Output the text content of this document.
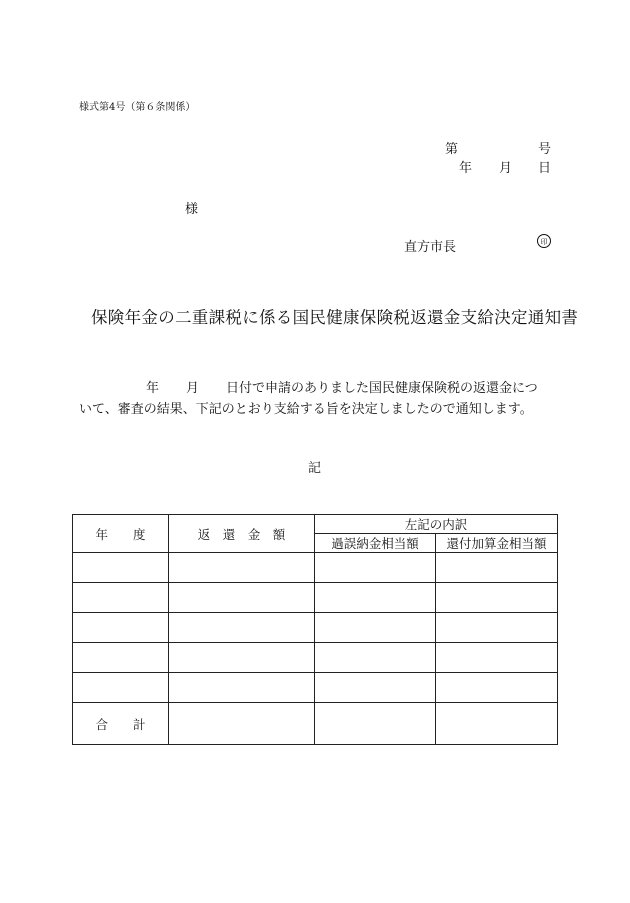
様式第4号（第６条関係）
第	号
年 月 日
様
直方市長	印
保険年金の二重課税に係る国民健康保険税返還金支給決定通知書
年 月 日付で申請のありました国民健康保険税の返還金につ
いて、審査の結果、下記のとおり支給する旨を決定しましたので通知します。
記
年　　度	返　還　金　額	左記の内訳	
		過誤納金相当額	還付加算金相当額

合　　計			
